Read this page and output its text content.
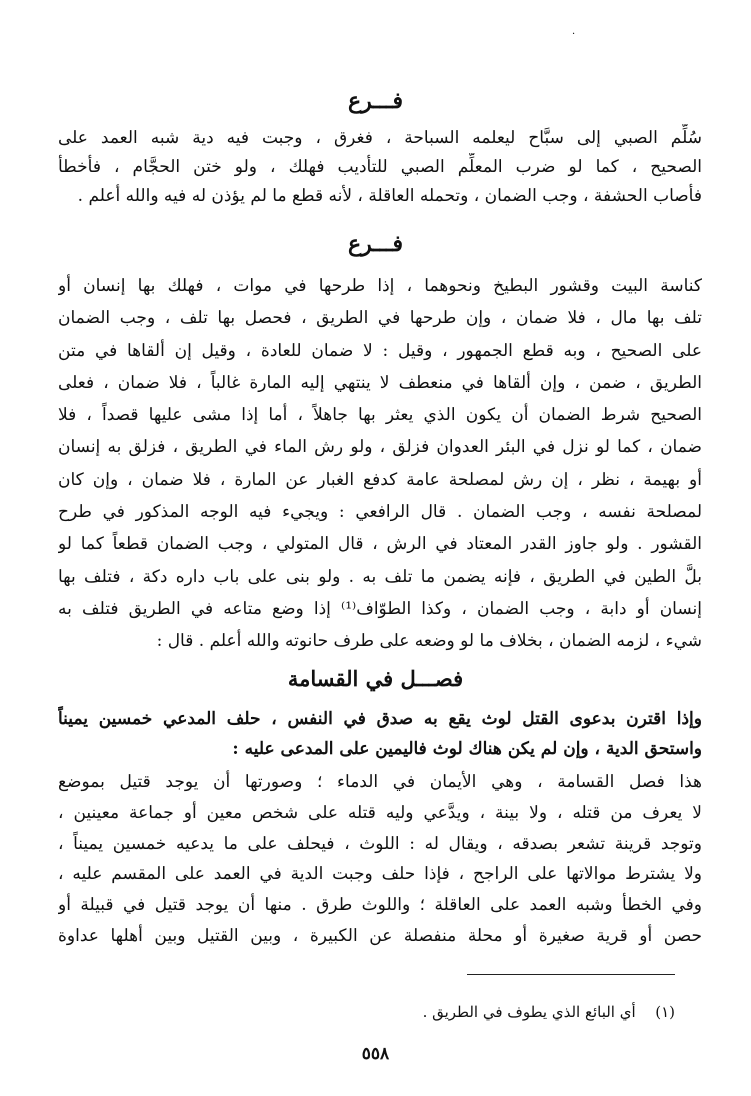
·
فـــرع
سُلِّم الصبي إلى سبَّاح ليعلمه السباحة ، فغرق ، وجبت فيه دية شبه العمد على
الصحيح ، كما لو ضرب المعلِّم الصبي للتأديب فهلك ، ولو ختن الحجَّام ، فأخطأ
فأصاب الحشفة ، وجب الضمان ، وتحمله العاقلة ، لأنه قطع ما لم يؤذن له فيه والله أعلم .
فـــرع
كناسة البيت وقشور البطيخ ونحوهما ، إذا طرحها في موات ، فهلك بها إنسان أو
تلف بها مال ، فلا ضمان ، وإن طرحها في الطريق ، فحصل بها تلف ، وجب الضمان
على الصحيح ، وبه قطع الجمهور ، وقيل : لا ضمان للعادة ، وقيل إن ألقاها في متن
الطريق ، ضمن ، وإن ألقاها في منعطف لا ينتهي إليه المارة غالباً ، فلا ضمان ، فعلى
الصحيح شرط الضمان أن يكون الذي يعثر بها جاهلاً ، أما إذا مشى عليها قصداً ، فلا
ضمان ، كما لو نزل في البئر العدوان فزلق ، ولو رش الماء في الطريق ، فزلق به إنسان
أو بهيمة ، نظر ، إن رش لمصلحة عامة كدفع الغبار عن المارة ، فلا ضمان ، وإن كان
لمصلحة نفسه ، وجب الضمان . قال الرافعي : ويجيء فيه الوجه المذكور في طرح
القشور . ولو جاوز القدر المعتاد في الرش ، قال المتولي ، وجب الضمان قطعاً كما لو
بلَّ الطين في الطريق ، فإنه يضمن ما تلف به . ولو بنى على باب داره دكة ، فتلف بها
إنسان أو دابة ، وجب الضمان ، وكذا الطوّاف⁽¹⁾ إذا وضع متاعه في الطريق فتلف به
شيء ، لزمه الضمان ، بخلاف ما لو وضعه على طرف حانوته والله أعلم . قال :
فصـــل في القسامة
وإذا اقترن بدعوى القتل لوث يقع به صدق في النفس ، حلف المدعي خمسين يميناً
واستحق الدية ، وإن لم يكن هناك لوث فاليمين على المدعى عليه :
هذا فصل القسامة ، وهي الأيمان في الدماء ؛ وصورتها أن يوجد قتيل بموضع
لا يعرف من قتله ، ولا بينة ، ويدَّعي وليه قتله على شخص معين أو جماعة معينين ،
وتوجد قرينة تشعر بصدقه ، ويقال له : اللوث ، فيحلف على ما يدعيه خمسين يميناً ،
ولا يشترط موالاتها على الراجح ، فإذا حلف وجبت الدية في العمد على المقسم عليه ،
وفي الخطأ وشبه العمد على العاقلة ؛ واللوث طرق . منها أن يوجد قتيل في قبيلة أو
حصن أو قرية صغيرة أو محلة منفصلة عن الكبيرة ، وبين القتيل وبين أهلها عداوة
(١)  أي البائع الذي يطوف في الطريق .
٥٥٨
